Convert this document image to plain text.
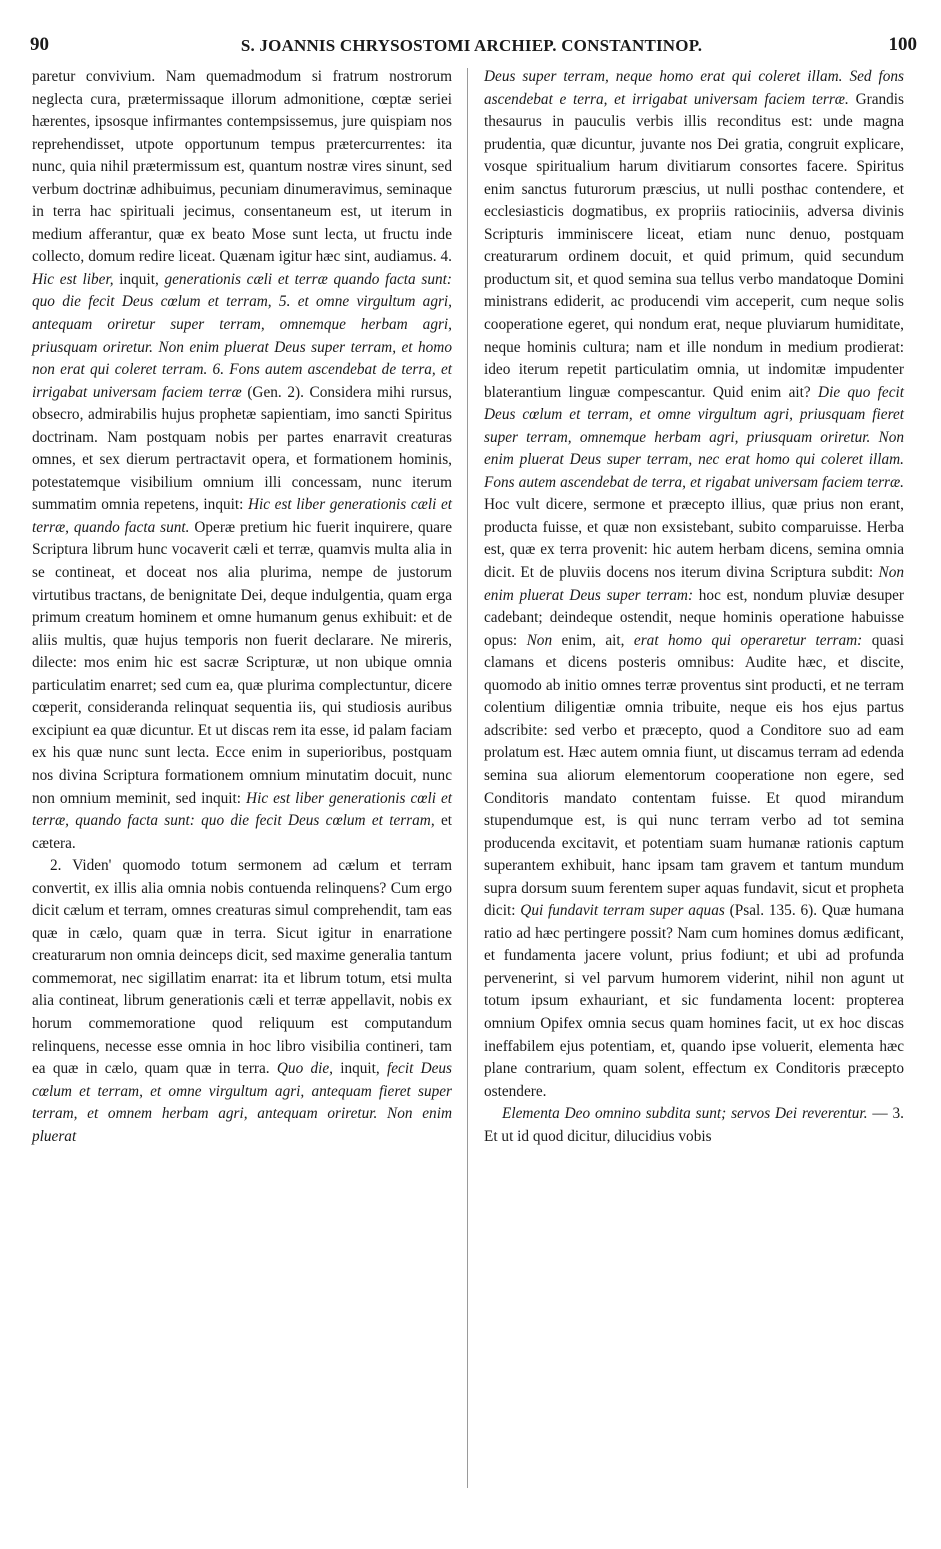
90	S. JOANNIS CHRYSOSTOMI ARCHIEP. CONSTANTINOP.	100

paretur convivium. Nam quemadmodum si fratrum nostrorum neglecta cura, prætermissaque illorum admonitione, cœptæ seriei hærentes, ipsosque infirmantes contempsissemus, jure quispiam nos reprehendisset, utpote opportunum tempus prætercurrentes: ita nunc, quia nihil prætermissum est, quantum nostræ vires sinunt, sed verbum doctrinæ adhibuimus, pecuniam dinumeravimus, seminaque in terra hac spirituali jecimus, consentaneum est, ut iterum in medium afferantur, quæ ex beato Mose sunt lecta, ut fructu inde collecto, domum redire liceat. Quænam igitur hæc sint, audiamus. 4. Hic est liber, inquit, generationis cæli et terræ quando facta sunt: quo die fecit Deus cœlum et terram, 5. et omne virgultum agri, antequam oriretur super terram, omnemque herbam agri, priusquam oriretur. Non enim pluerat Deus super terram, et homo non erat qui coleret terram. 6. Fons autem ascendebat de terra, et irrigabat universam faciem terræ (Gen. 2). Considera mihi rursus, obsecro, admirabilis hujus prophetæ sapientiam, imo sancti Spiritus doctrinam. Nam postquam nobis per partes enarravit creaturas omnes, et sex dierum pertractavit opera, et formationem hominis, potestatemque visibilium omnium illi concessam, nunc iterum summatim omnia repetens, inquit: Hic est liber generationis cæli et terræ, quando facta sunt. Operæ pretium hic fuerit inquirere, quare Scriptura librum hunc vocaverit cæli et terræ, quamvis multa alia in se contineat, et doceat nos alia plurima, nempe de justorum virtutibus tractans, de benignitate Dei, deque indulgentia, quam erga primum creatum hominem et omne humanum genus exhibuit: et de aliis multis, quæ hujus temporis non fuerit declarare. Ne mireris, dilecte: mos enim hic est sacræ Scripturæ, ut non ubique omnia particulatim enarret; sed cum ea, quæ plurima complectuntur, dicere cœperit, consideranda relinquat sequentia iis, qui studiosis auribus excipiunt ea quæ dicuntur. Et ut discas rem ita esse, id palam faciam ex his quæ nunc sunt lecta. Ecce enim in superioribus, postquam nos divina Scriptura formationem omnium minutatim docuit, nunc non omnium meminit, sed inquit: Hic est liber generationis cœli et terræ, quando facta sunt: quo die fecit Deus cœlum et terram, et cætera.

2. Viden' quomodo totum sermonem ad cælum et terram convertit, ex illis alia omnia nobis contuenda relinquens? Cum ergo dicit cælum et terram, omnes creaturas simul comprehendit, tam eas quæ in cælo, quam quæ in terra. Sicut igitur in enarratione creaturarum non omnia deinceps dicit, sed maxime generalia tantum commemorat, nec sigillatim enarrat: ita et librum totum, etsi multa alia contineat, librum generationis cæli et terræ appellavit, nobis ex horum commemoratione quod reliquum est computandum relinquens, necesse esse omnia in hoc libro visibilia contineri, tam ea quæ in cælo, quam quæ in terra. Quo die, inquit, fecit Deus cœlum et terram, et omne virgultum agri, antequam fieret super terram, et omnem herbam agri, antequam oriretur. Non enim pluerat

Deus super terram, neque homo erat qui coleret illam. Sed fons ascendebat e terra, et irrigabat universam faciem terræ. Grandis thesaurus in pauculis verbis illis reconditus est: unde magna prudentia, quæ dicuntur, juvante nos Dei gratia, congruit explicare, vosque spiritualium harum divitiarum consortes facere. Spiritus enim sanctus futurorum præscius, ut nulli posthac contendere, et ecclesiasticis dogmatibus, ex propriis ratiociniis, adversa divinis Scripturis imminiscere liceat, etiam nunc denuo, postquam creaturarum ordinem docuit, et quid primum, quid secundum productum sit, et quod semina sua tellus verbo mandatoque Domini ministrans ediderit, ac producendi vim acceperit, cum neque solis cooperatione egeret, qui nondum erat, neque pluviarum humiditate, neque hominis cultura; nam et ille nondum in medium prodierat: ideo iterum repetit particulatim omnia, ut indomitæ impudenter blaterantium linguæ compescantur. Quid enim ait? Die quo fecit Deus cœlum et terram, et omne virgultum agri, priusquam fieret super terram, omnemque herbam agri, priusquam oriretur. Non enim pluerat Deus super terram, nec erat homo qui coleret illam. Fons autem ascendebat de terra, et rigabat universam faciem terræ. Hoc vult dicere, sermone et præcepto illius, quæ prius non erant, producta fuisse, et quæ non exsistebant, subito comparuisse. Herba est, quæ ex terra provenit: hic autem herbam dicens, semina omnia dicit. Et de pluviis docens nos iterum divina Scriptura subdit: Non enim pluerat Deus super terram: hoc est, nondum pluviæ desuper cadebant; deindeque ostendit, neque hominis operatione habuisse opus: Non enim, ait, erat homo qui operaretur terram: quasi clamans et dicens posteris omnibus: Audite hæc, et discite, quomodo ab initio omnes terræ proventus sint producti, et ne terram colentium diligentiæ omnia tribuite, neque eis hos ejus partus adscribite: sed verbo et præcepto, quod a Conditore suo ad eam prolatum est. Hæc autem omnia fiunt, ut discamus terram ad edenda semina sua aliorum elementorum cooperatione non egere, sed Conditoris mandato contentam fuisse. Et quod mirandum stupendumque est, is qui nunc terram verbo ad tot semina producenda excitavit, et potentiam suam humanæ rationis captum superantem exhibuit, hanc ipsam tam gravem et tantum mundum supra dorsum suum ferentem super aquas fundavit, sicut et propheta dicit: Qui fundavit terram super aquas (Psal. 135. 6). Quæ humana ratio ad hæc pertingere possit? Nam cum homines domus ædificant, et fundamenta jacere volunt, prius fodiunt; et ubi ad profunda pervenerint, si vel parvum humorem viderint, nihil non agunt ut totum ipsum exhauriant, et sic fundamenta locent: propterea omnium Opifex omnia secus quam homines facit, ut ex hoc discas ineffabilem ejus potentiam, et, quando ipse voluerit, elementa hæc plane contrarium, quam solent, effectum ex Conditoris præcepto ostendere.

Elementa Deo omnino subdita sunt; servos Dei reverentur. — 3. Et ut id quod dicitur, dilucidius vobis
